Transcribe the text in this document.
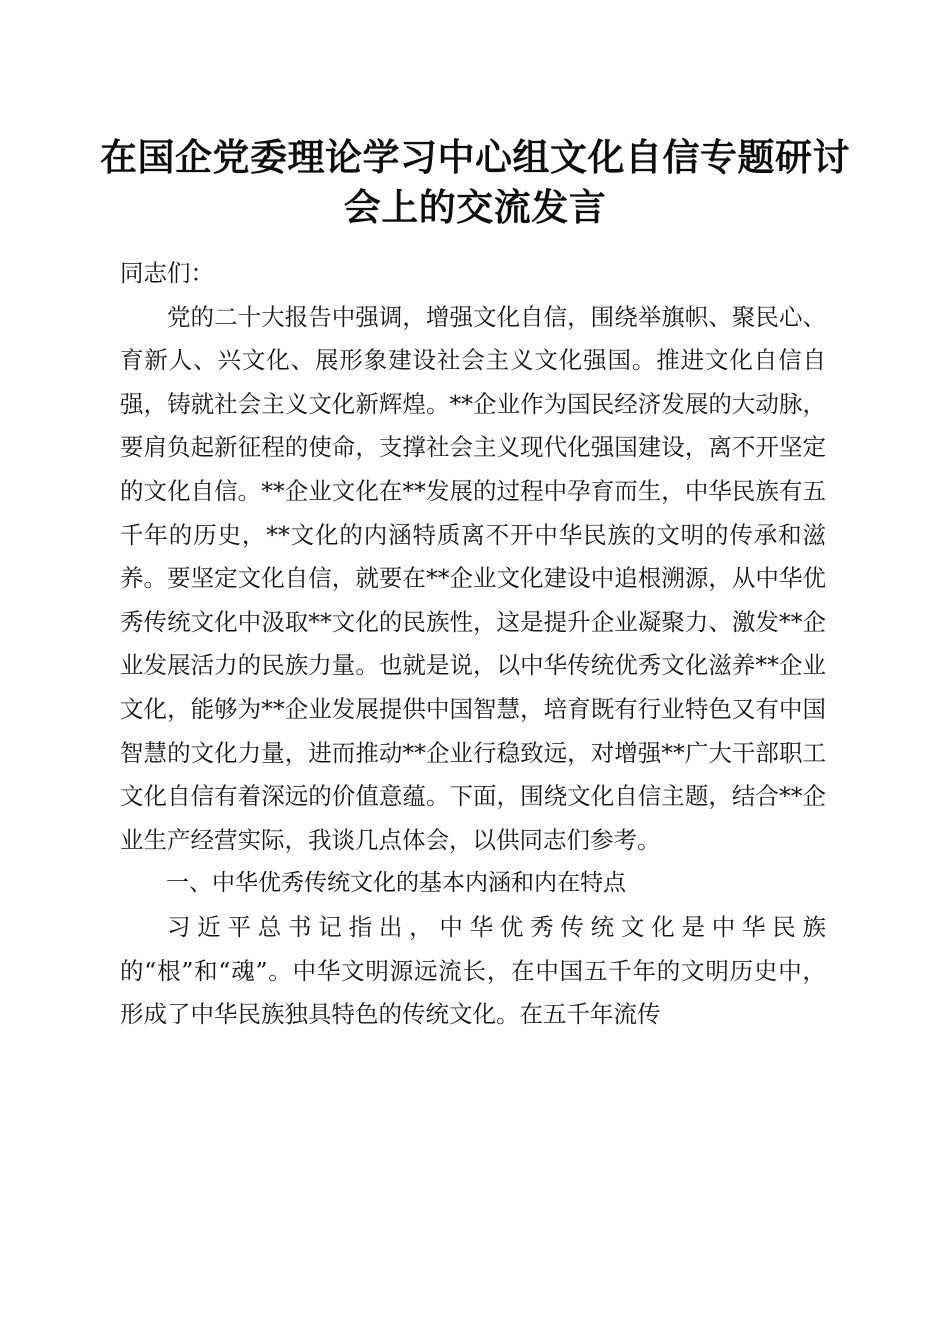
在国企党委理论学习中心组文化自信专题研讨
会上的交流发言

同志们：

党的二十大报告中强调，增强文化自信，围绕举旗帜、聚民心、育新人、兴文化、展形象建设社会主义文化强国。推进文化自信自强，铸就社会主义文化新辉煌。**企业作为国民经济发展的大动脉，要肩负起新征程的使命，支撑社会主义现代化强国建设，离不开坚定的文化自信。**企业文化在**发展的过程中孕育而生，中华民族有五千年的历史，**文化的内涵特质离不开中华民族的文明的传承和滋养。要坚定文化自信，就要在**企业文化建设中追根溯源，从中华优秀传统文化中汲取**文化的民族性，这是提升企业凝聚力、激发**企业发展活力的民族力量。也就是说，以中华传统优秀文化滋养**企业文化，能够为**企业发展提供中国智慧，培育既有行业特色又有中国智慧的文化力量，进而推动**企业行稳致远，对增强**广大干部职工文化自信有着深远的价值意蕴。下面，围绕文化自信主题，结合**企业生产经营实际，我谈几点体会，以供同志们参考。

一、中华优秀传统文化的基本内涵和内在特点

习近平总书记指出，中华优秀传统文化是中华民族的“根”和“魂”。中华文明源远流长，在中国五千年的文明历史中，形成了中华民族独具特色的传统文化。在五千年流传
